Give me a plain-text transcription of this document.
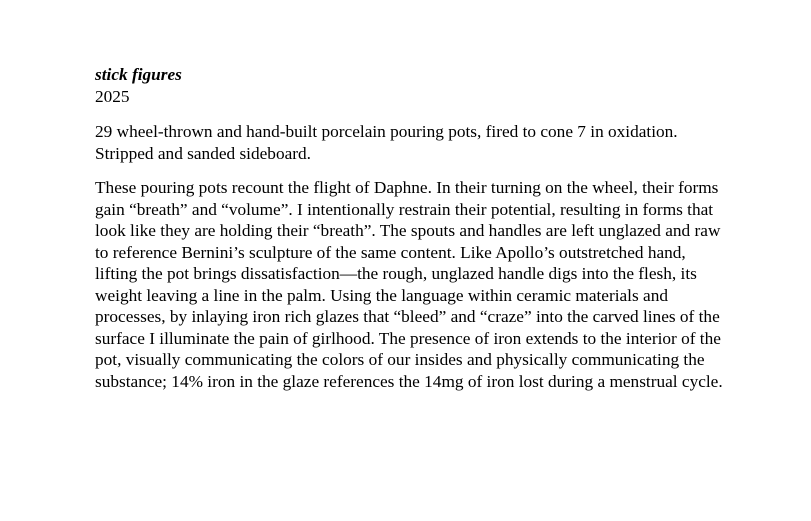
stick figures

2025

29 wheel-thrown and hand-built porcelain pouring pots, fired to cone 7 in oxidation. Stripped and sanded sideboard.

These pouring pots recount the flight of Daphne. In their turning on the wheel, their forms gain “breath” and “volume”. I intentionally restrain their potential, resulting in forms that look like they are holding their “breath”. The spouts and handles are left unglazed and raw to reference Bernini’s sculpture of the same content. Like Apollo’s outstretched hand, lifting the pot brings dissatisfaction—the rough, unglazed handle digs into the flesh, its weight leaving a line in the palm. Using the language within ceramic materials and processes, by inlaying iron rich glazes that “bleed” and “craze” into the carved lines of the surface I illuminate the pain of girlhood. The presence of iron extends to the interior of the pot, visually communicating the colors of our insides and physically communicating the substance; 14% iron in the glaze references the 14mg of iron lost during a menstrual cycle.
